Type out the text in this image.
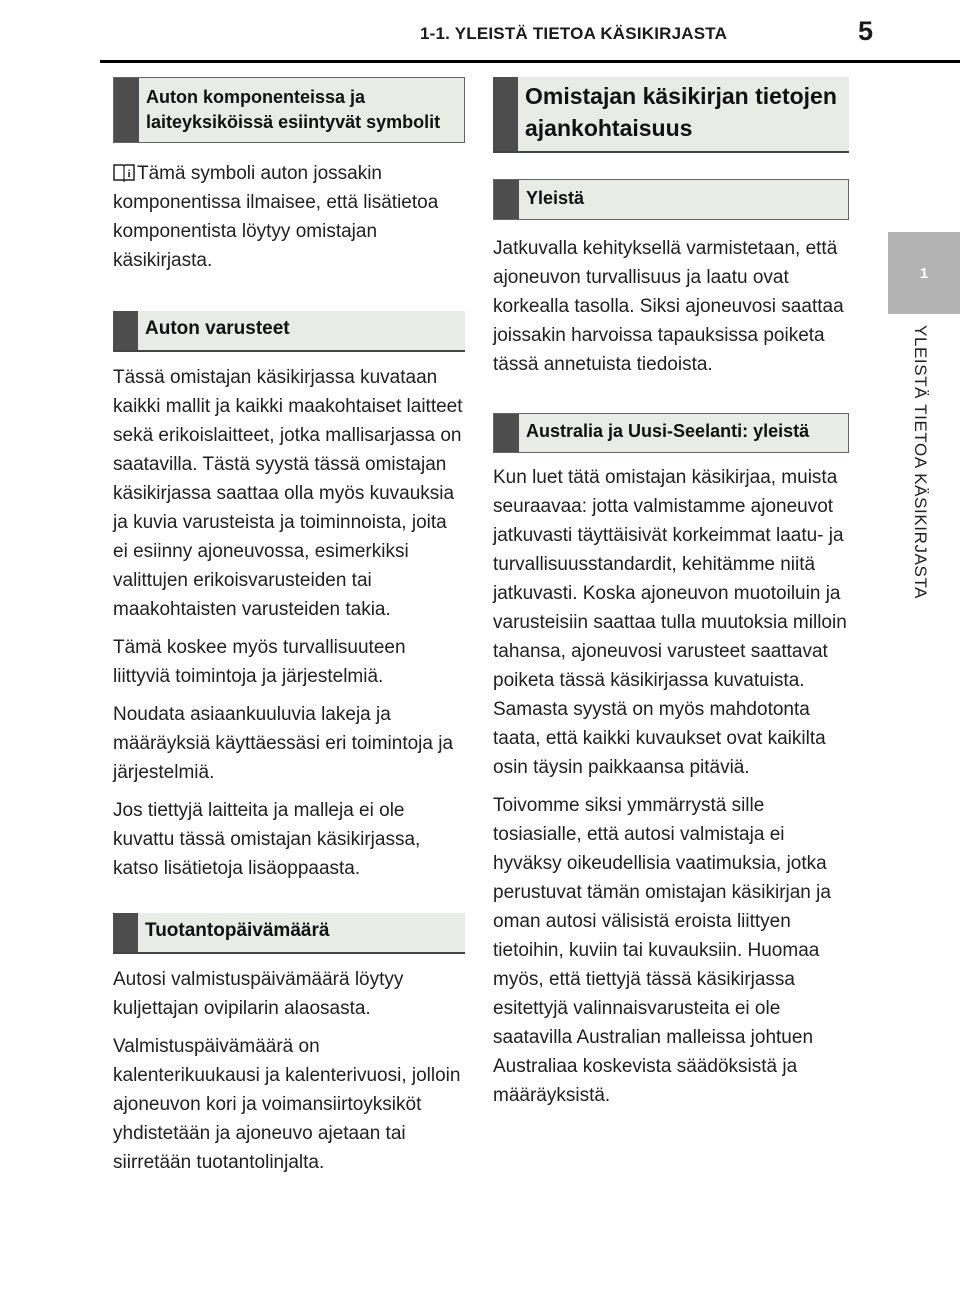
1-1. YLEISTÄ TIETOA KÄSIKIRJASTA	5
1
YLEISTÄ TIETOA KÄSIKIRJASTA
Auton komponenteissa ja laiteyksiköissä esiintyvät symbolit

i Tämä symboli auton jossakin komponentissa ilmaisee, että lisätietoa komponentista löytyy omistajan käsikirjasta.

Auton varusteet

Tässä omistajan käsikirjassa kuvataan kaikki mallit ja kaikki maakohtaiset laitteet sekä erikoislaitteet, jotka mallisarjassa on saatavilla. Tästä syystä tässä omistajan käsikirjassa saattaa olla myös kuvauksia ja kuvia varusteista ja toiminnoista, joita ei esiinny ajoneuvossa, esimerkiksi valittujen erikoisvarusteiden tai maakohtaisten varusteiden takia.

Tämä koskee myös turvallisuuteen liittyviä toimintoja ja järjestelmiä.

Noudata asiaankuuluvia lakeja ja määräyksiä käyttäessäsi eri toimintoja ja järjestelmiä.

Jos tiettyjä laitteita ja malleja ei ole kuvattu tässä omistajan käsikirjassa, katso lisätietoja lisäoppaasta.

Tuotantopäivämäärä

Autosi valmistuspäivämäärä löytyy kuljettajan ovipilarin alaosasta.

Valmistuspäivämäärä on kalenterikuukausi ja kalenterivuosi, jolloin ajoneuvon kori ja voimansiirtoyksiköt yhdistetään ja ajoneuvo ajetaan tai siirretään tuotantolinjalta.

Omistajan käsikirjan tietojen ajankohtaisuus
Yleistä

Jatkuvalla kehityksellä varmistetaan, että ajoneuvon turvallisuus ja laatu ovat korkealla tasolla. Siksi ajoneuvosi saattaa joissakin harvoissa tapauksissa poiketa tässä annetuista tiedoista.

Australia ja Uusi-Seelanti: yleistä

Kun luet tätä omistajan käsikirjaa, muista seuraavaa: jotta valmistamme ajoneuvot jatkuvasti täyttäisivät korkeimmat laatu- ja turvallisuusstandardit, kehitämme niitä jatkuvasti. Koska ajoneuvon muotoiluin ja varusteisiin saattaa tulla muutoksia milloin tahansa, ajoneuvosi varusteet saattavat poiketa tässä käsikirjassa kuvatuista. Samasta syystä on myös mahdotonta taata, että kaikki kuvaukset ovat kaikilta osin täysin paikkaansa pitäviä.

Toivomme siksi ymmärrystä sille tosiasialle, että autosi valmistaja ei hyväksy oikeudellisia vaatimuksia, jotka perustuvat tämän omistajan käsikirjan ja oman autosi välisistä eroista liittyen tietoihin, kuviin tai kuvauksiin. Huomaa myös, että tiettyjä tässä käsikirjassa esitettyjä valinnaisvarusteita ei ole saatavilla Australian malleissa johtuen Australiaa koskevista säädöksistä ja määräyksistä.
